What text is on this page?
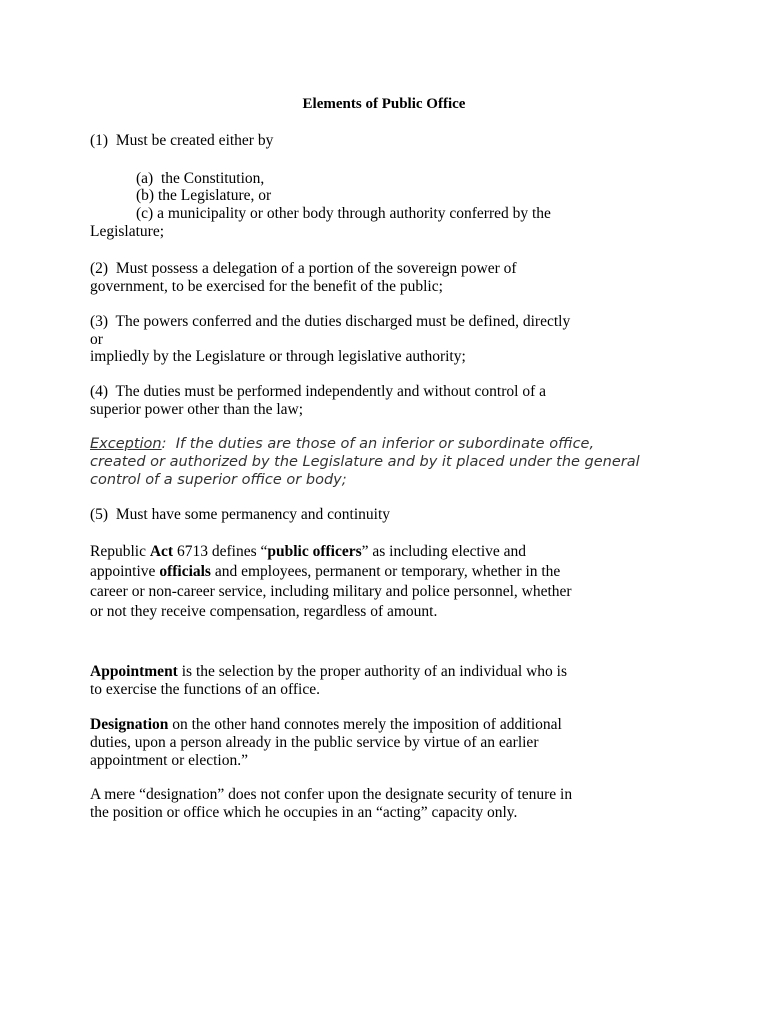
Elements of Public Office
(1)  Must be created either by
(a)  the Constitution,
(b) the Legislature, or
(c) a municipality or other body through authority conferred by the
Legislature;
(2)  Must possess a delegation of a portion of the sovereign power of
government, to be exercised for the benefit of the public;
(3)  The powers conferred and the duties discharged must be defined, directly
or
impliedly by the Legislature or through legislative authority;
(4)  The duties must be performed independently and without control of a
superior power other than the law;
Exception:  If the duties are those of an inferior or subordinate office,
created or authorized by the Legislature and by it placed under the general
control of a superior office or body;
(5)  Must have some permanency and continuity
Republic Act 6713 defines “public officers” as including elective and
appointive officials and employees, permanent or temporary, whether in the
career or non-career service, including military and police personnel, whether
or not they receive compensation, regardless of amount.
Appointment is the selection by the proper authority of an individual who is
to exercise the functions of an office.
Designation on the other hand connotes merely the imposition of additional
duties, upon a person already in the public service by virtue of an earlier
appointment or election.”
A mere “designation” does not confer upon the designate security of tenure in
the position or office which he occupies in an “acting” capacity only.
